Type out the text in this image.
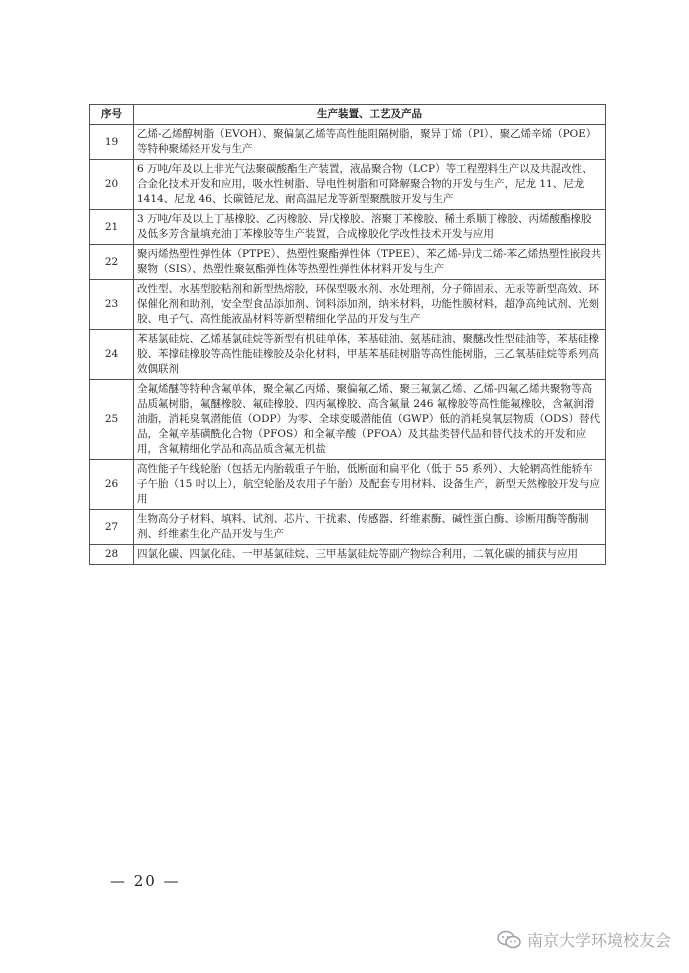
序号	生产装置、工艺及产品
19	乙烯-乙烯醇树脂（EVOH）、聚偏氯乙烯等高性能阻隔树脂，聚异丁烯（PI）、聚乙烯辛烯（POE）等特种聚烯烃开发与生产
20	6 万吨/年及以上非光气法聚碳酸酯生产装置，液晶聚合物（LCP）等工程塑料生产以及共混改性、合金化技术开发和应用，吸水性树脂、导电性树脂和可降解聚合物的开发与生产，尼龙 11、尼龙 1414、尼龙 46、长碳链尼龙、耐高温尼龙等新型聚酰胺开发与生产
21	3 万吨/年及以上丁基橡胶、乙丙橡胶、异戊橡胶、溶聚丁苯橡胶、稀土系顺丁橡胶、丙烯酸酯橡胶及低多芳含量填充油丁苯橡胶等生产装置，合成橡胶化学改性技术开发与应用
22	聚丙烯热塑性弹性体（PTPE）、热塑性聚酯弹性体（TPEE）、苯乙烯-异戊二烯-苯乙烯热塑性嵌段共聚物（SIS）、热塑性聚氨酯弹性体等热塑性弹性体材料开发与生产
23	改性型、水基型胶粘剂和新型热熔胶，环保型吸水剂、水处理剂，分子筛固汞、无汞等新型高效、环保催化剂和助剂，安全型食品添加剂、饲料添加剂，纳米材料，功能性膜材料，超净高纯试剂、光刻胶、电子气、高性能液晶材料等新型精细化学品的开发与生产
24	苯基氯硅烷、乙烯基氯硅烷等新型有机硅单体，苯基硅油、氨基硅油、聚醚改性型硅油等，苯基硅橡胶、苯撑硅橡胶等高性能硅橡胶及杂化材料，甲基苯基硅树脂等高性能树脂，三乙氧基硅烷等系列高效偶联剂
25	全氟烯醚等特种含氟单体，聚全氟乙丙烯、聚偏氟乙烯、聚三氟氯乙烯、乙烯-四氟乙烯共聚物等高品质氟树脂，氟醚橡胶、氟硅橡胶、四丙氟橡胶、高含氟量 246 氟橡胶等高性能氟橡胶，含氟润滑油脂，消耗臭氧潜能值（ODP）为零、全球变暖潜能值（GWP）低的消耗臭氧层物质（ODS）替代品，全氟辛基磺酰化合物（PFOS）和全氟辛酸（PFOA）及其盐类替代品和替代技术的开发和应用，含氟精细化学品和高品质含氟无机盐
26	高性能子午线轮胎（包括无内胎载重子午胎，低断面和扁平化（低于 55 系列）、大轮辋高性能轿车子午胎（15 吋以上），航空轮胎及农用子午胎）及配套专用材料、设备生产，新型天然橡胶开发与应用
27	生物高分子材料、填料、试剂、芯片、干扰素、传感器、纤维素酶、碱性蛋白酶、诊断用酶等酶制剂、纤维素生化产品开发与生产
28	四氯化碳、四氯化硅、一甲基氯硅烷、三甲基氯硅烷等副产物综合利用，二氧化碳的捕获与应用
— 20 —
南京大学环境校友会
